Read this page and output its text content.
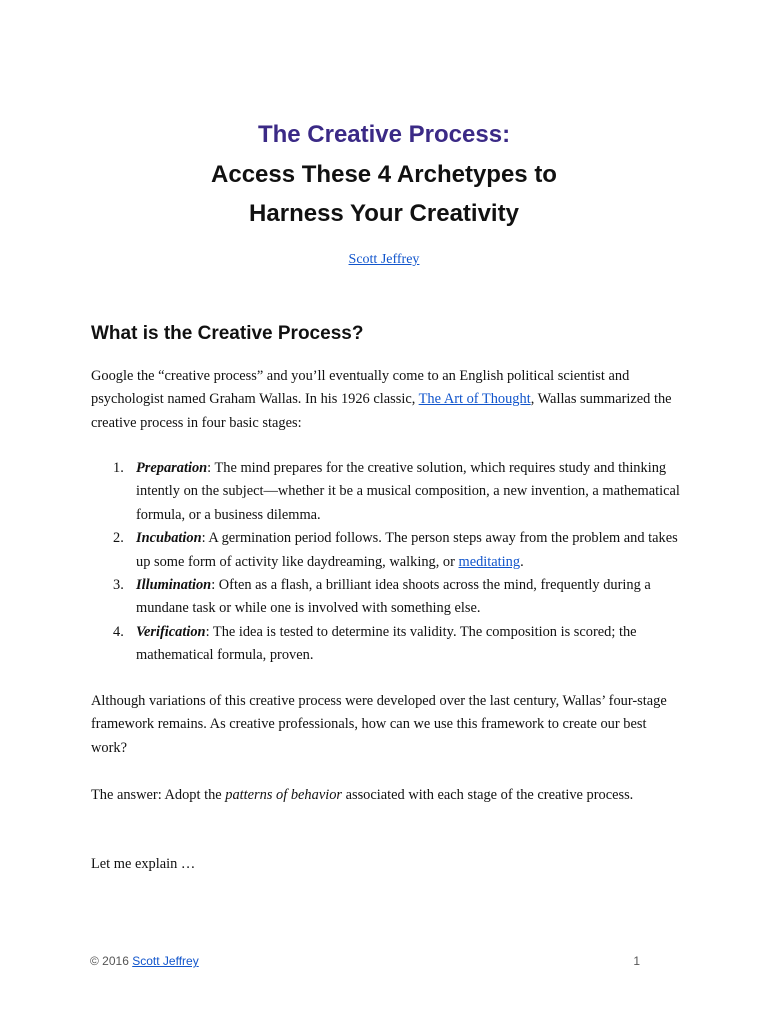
The Creative Process:
Access These 4 Archetypes to
Harness Your Creativity
Scott Jeffrey
What is the Creative Process?
Google the “creative process” and you’ll eventually come to an English political scientist and psychologist named Graham Wallas. In his 1926 classic, The Art of Thought, Wallas summarized the creative process in four basic stages:
1. Preparation: The mind prepares for the creative solution, which requires study and thinking intently on the subject—whether it be a musical composition, a new invention, a mathematical formula, or a business dilemma.
2. Incubation: A germination period follows. The person steps away from the problem and takes up some form of activity like daydreaming, walking, or meditating.
3. Illumination: Often as a flash, a brilliant idea shoots across the mind, frequently during a mundane task or while one is involved with something else.
4. Verification: The idea is tested to determine its validity. The composition is scored; the mathematical formula, proven.
Although variations of this creative process were developed over the last century, Wallas’ four-stage framework remains. As creative professionals, how can we use this framework to create our best work?
The answer: Adopt the patterns of behavior associated with each stage of the creative process.
Let me explain …
© 2016 Scott Jeffrey	1
